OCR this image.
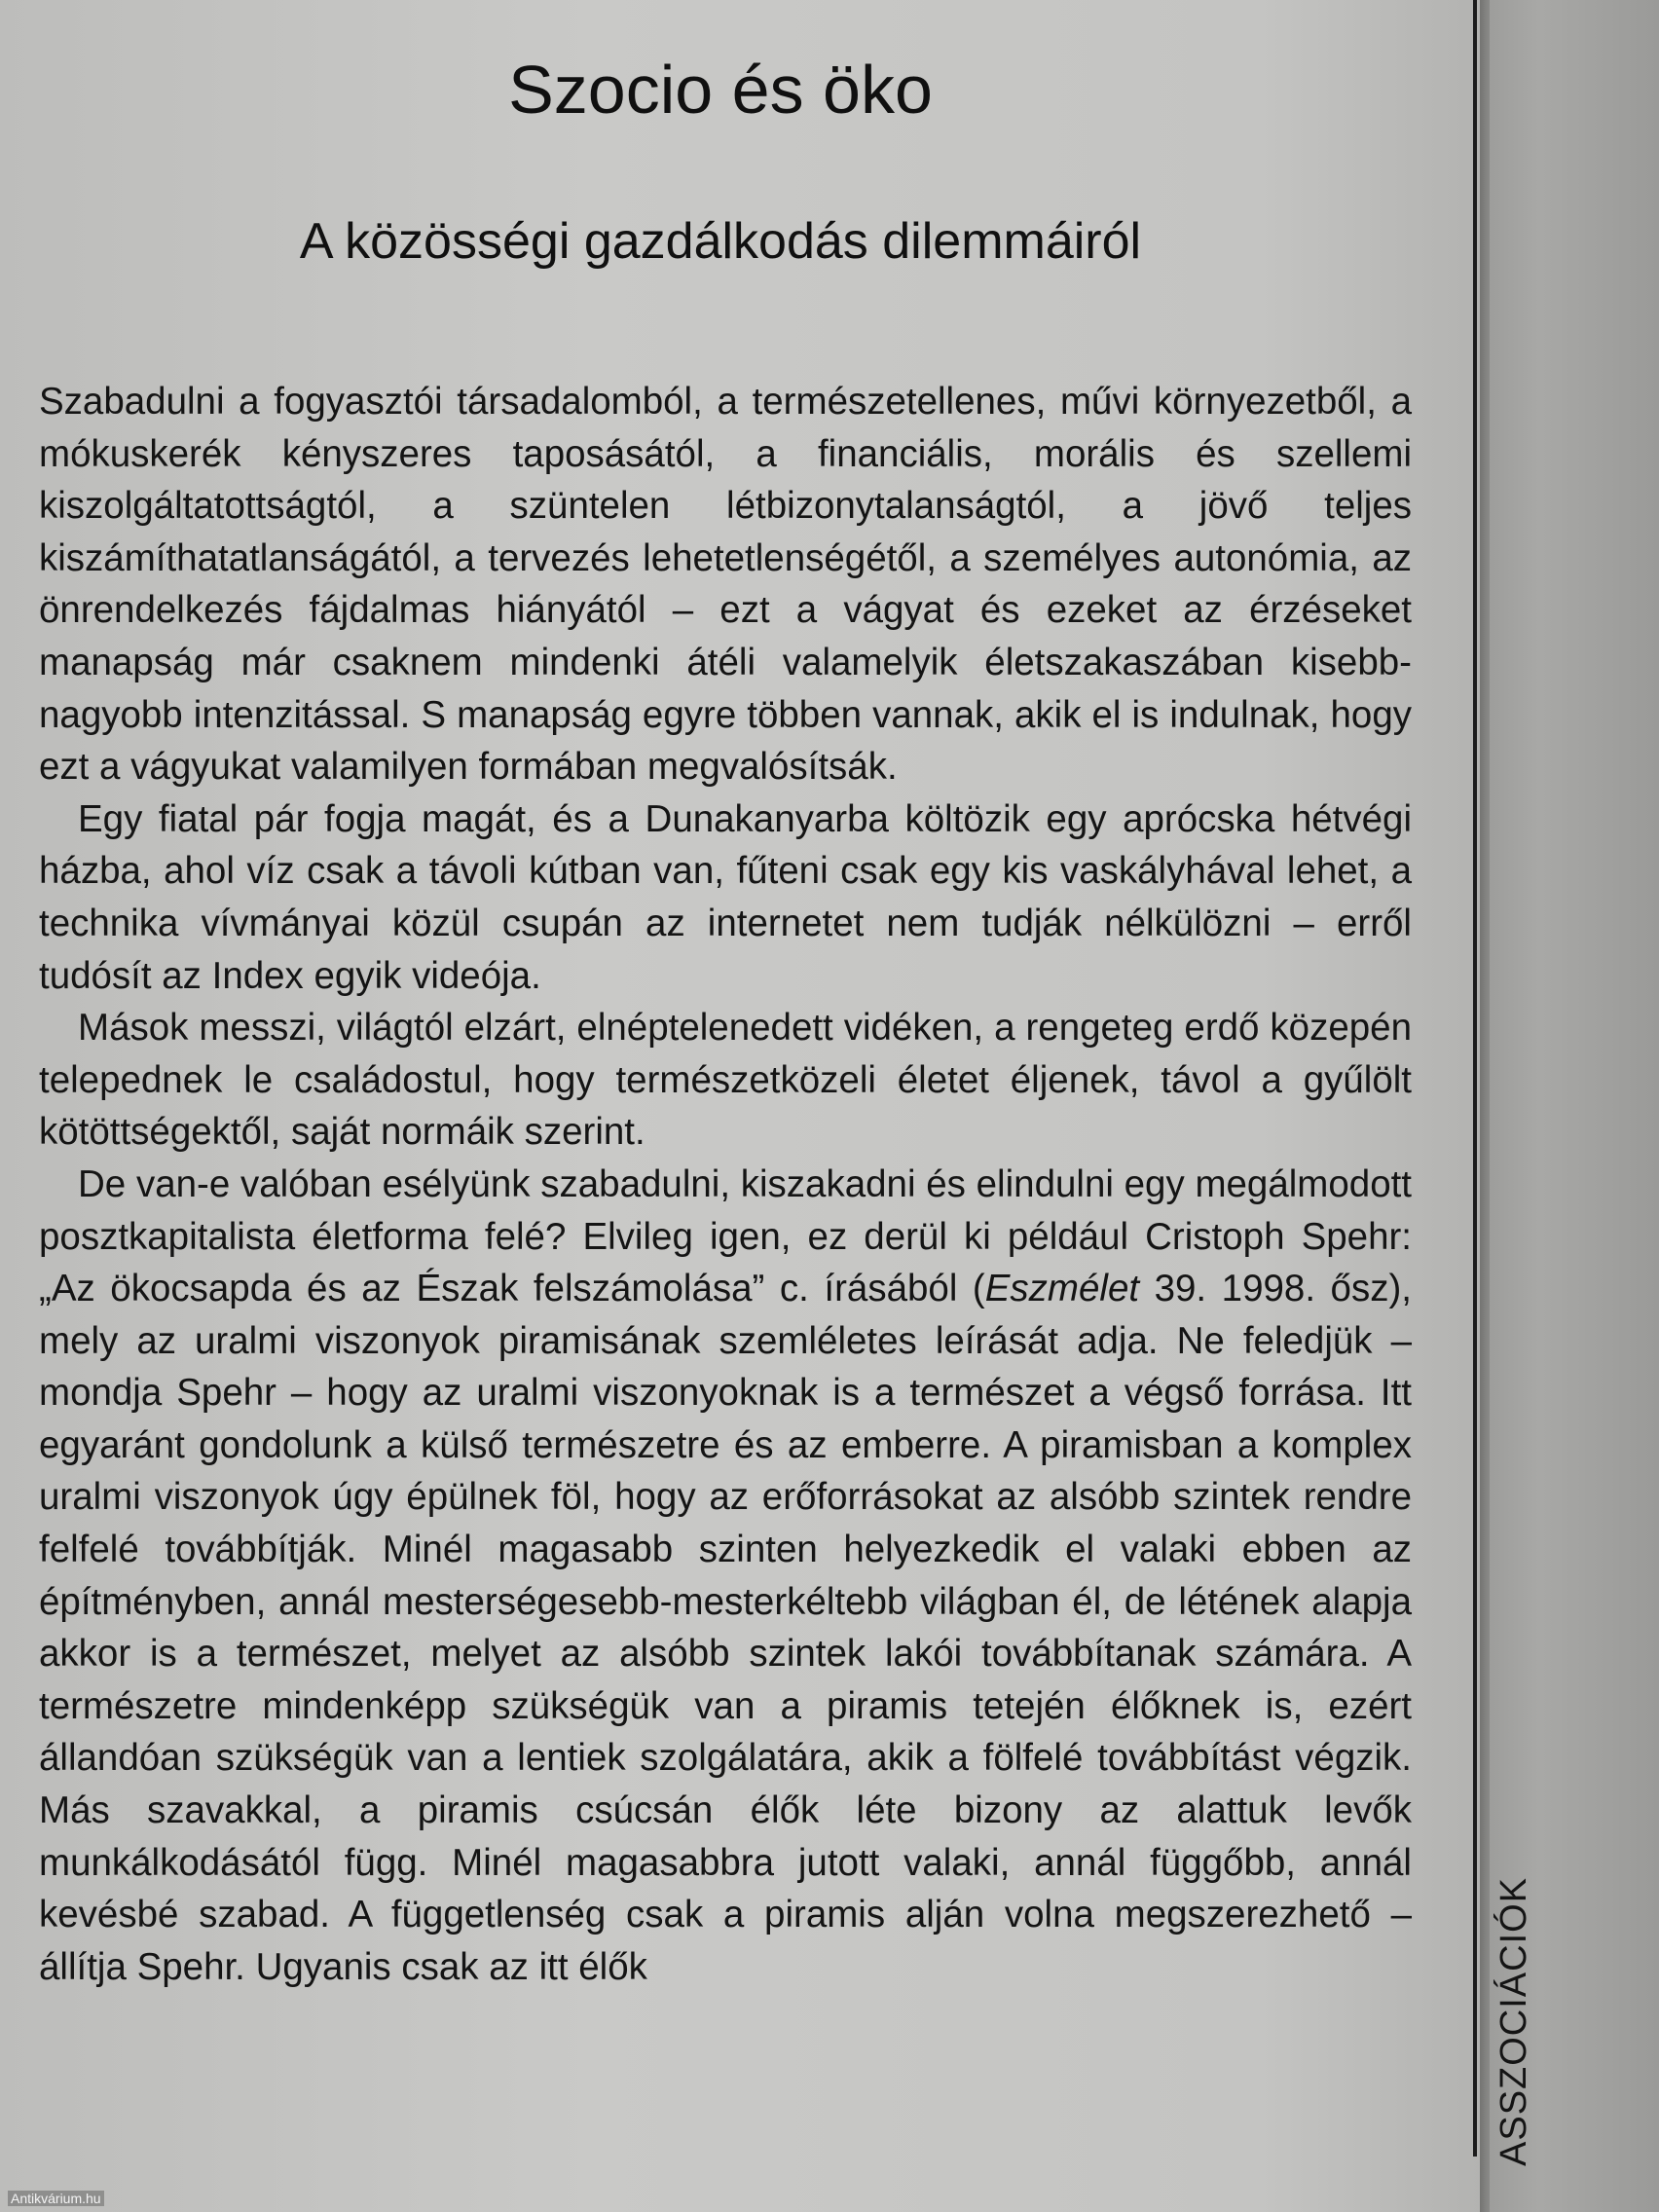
Szocio és öko
A közösségi gazdálkodás dilemmáiról

Szabadulni a fogyasztói társadalomból, a természetellenes, művi környezetből, a mókuskerék kényszeres taposásától, a financiális, morális és szellemi kiszolgáltatottságtól, a szüntelen létbizonytalanságtól, a jövő teljes kiszámíthatatlanságától, a tervezés lehetetlenségétől, a személyes autonómia, az önrendelkezés fájdalmas hiányától – ezt a vágyat és ezeket az érzéseket manapság már csaknem mindenki átéli valamelyik életszakaszában kisebb-nagyobb intenzitással. S manapság egyre többen vannak, akik el is indulnak, hogy ezt a vágyukat valamilyen formában megvalósítsák.

Egy fiatal pár fogja magát, és a Dunakanyarba költözik egy aprócska hétvégi házba, ahol víz csak a távoli kútban van, fűteni csak egy kis vaskályhával lehet, a technika vívmányai közül csupán az internetet nem tudják nélkülözni – erről tudósít az Index egyik videója.

Mások messzi, világtól elzárt, elnéptelenedett vidéken, a rengeteg erdő közepén telepednek le családostul, hogy természetközeli életet éljenek, távol a gyűlölt kötöttségektől, saját normáik szerint.

De van-e valóban esélyünk szabadulni, kiszakadni és elindulni egy megálmodott posztkapitalista életforma felé? Elvileg igen, ez derül ki például Cristoph Spehr: „Az ökocsapda és az Észak felszámolása” c. írásából (Eszmélet 39. 1998. ősz), mely az uralmi viszonyok piramisának szemléletes leírását adja. Ne feledjük – mondja Spehr – hogy az uralmi viszonyoknak is a természet a végső forrása. Itt egyaránt gondolunk a külső természetre és az emberre. A piramisban a komplex uralmi viszonyok úgy épülnek föl, hogy az erőforrásokat az alsóbb szintek rendre felfelé továbbítják. Minél magasabb szinten helyezkedik el valaki ebben az építményben, annál mesterségesebb-mesterkéltebb világban él, de létének alapja akkor is a természet, melyet az alsóbb szintek lakói továbbítanak számára. A természetre mindenképp szükségük van a piramis tetején élőknek is, ezért állandóan szükségük van a lentiek szolgálatára, akik a fölfelé továbbítást végzik. Más szavakkal, a piramis csúcsán élők léte bizony az alattuk levők munkálkodásától függ. Minél magasabbra jutott valaki, annál függőbb, annál kevésbé szabad. A függetlenség csak a piramis alján volna megszerezhető – állítja Spehr. Ugyanis csak az itt élők	ASSZOCIÁCIÓK
Antikvárium.hu
